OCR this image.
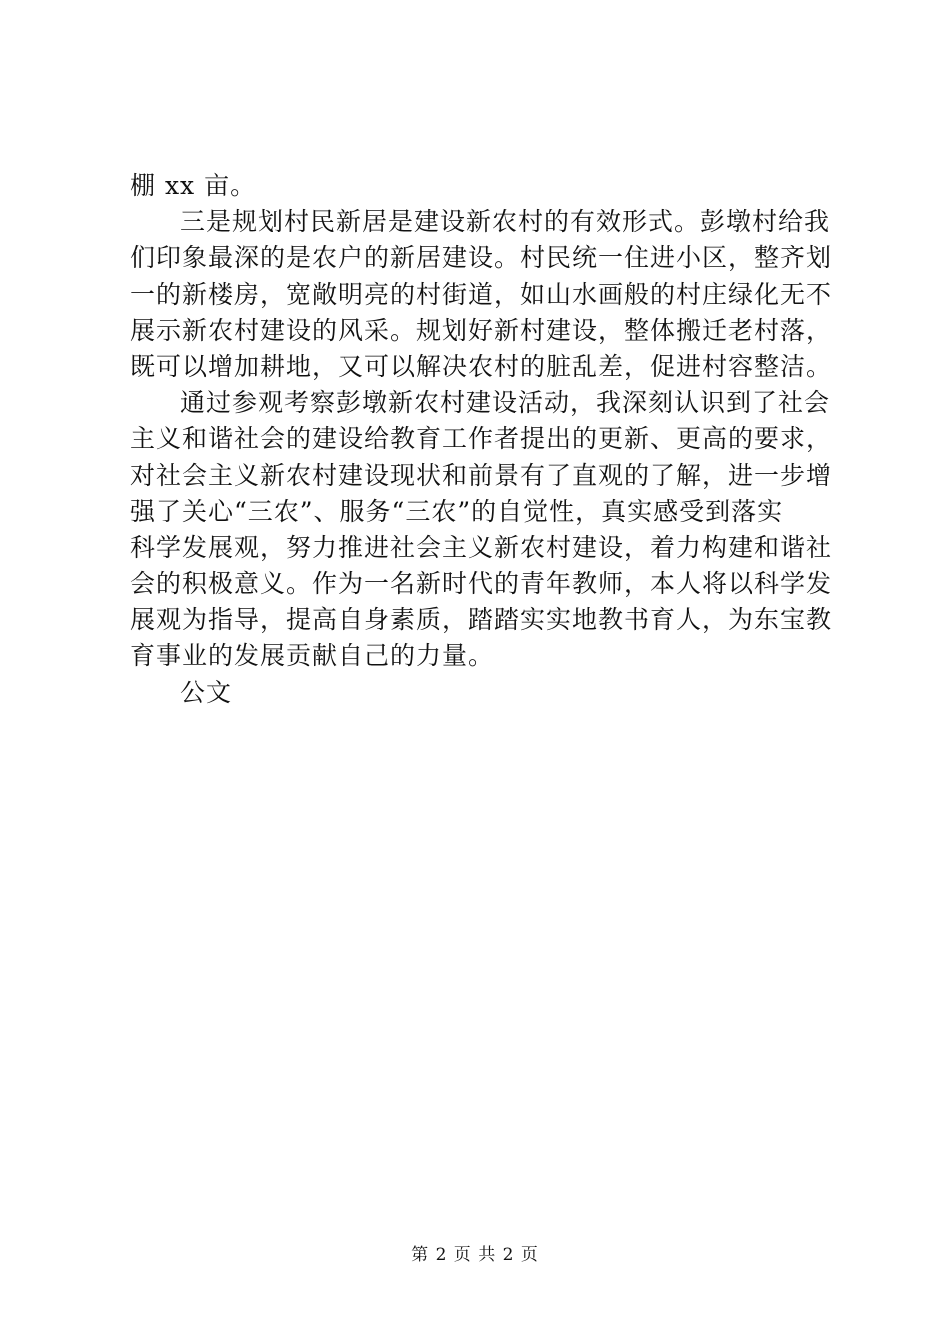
棚 xx 亩。
三是规划村民新居是建设新农村的有效形式。彭墩村给我
们印象最深的是农户的新居建设。村民统一住进小区，整齐划
一的新楼房，宽敞明亮的村街道，如山水画般的村庄绿化无不
展示新农村建设的风采。规划好新村建设，整体搬迁老村落，
既可以增加耕地，又可以解决农村的脏乱差，促进村容整洁。
通过参观考察彭墩新农村建设活动，我深刻认识到了社会
主义和谐社会的建设给教育工作者提出的更新、更高的要求，
对社会主义新农村建设现状和前景有了直观的了解，进一步增
强了关心“三农”、服务“三农”的自觉性，真实感受到落实
科学发展观，努力推进社会主义新农村建设，着力构建和谐社
会的积极意义。作为一名新时代的青年教师，本人将以科学发
展观为指导，提高自身素质，踏踏实实地教书育人，为东宝教
育事业的发展贡献自己的力量。
公文
第 2 页 共 2 页
